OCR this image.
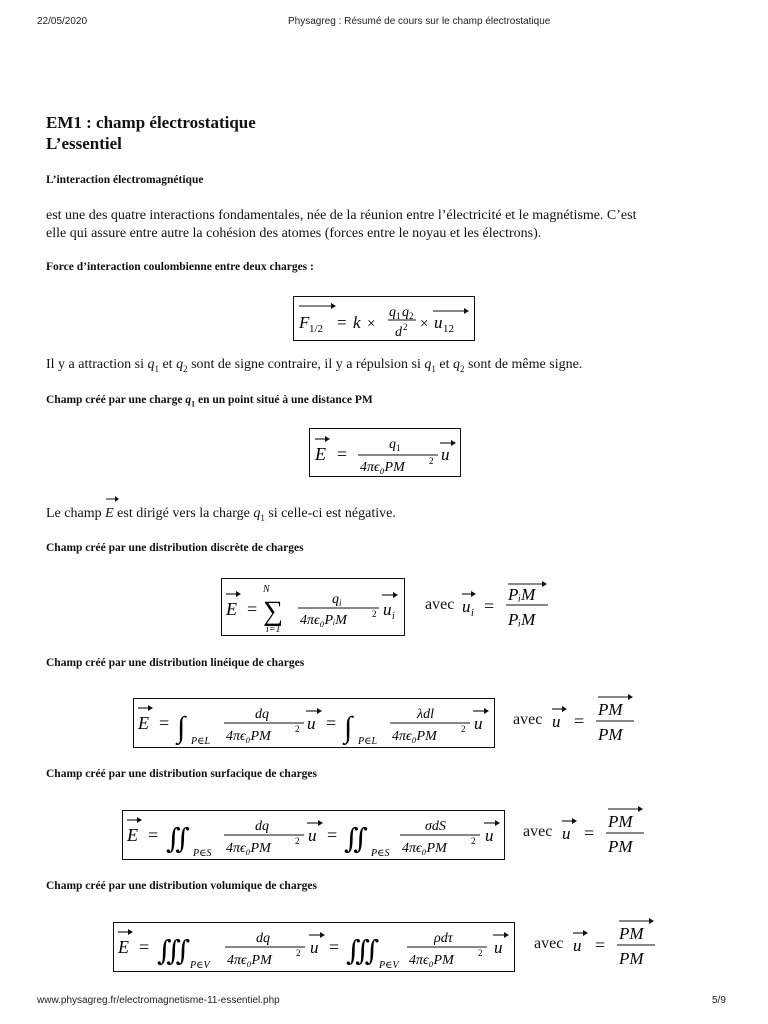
22/05/2020	Physagreg : Résumé de cours sur le champ électrostatique
www.physagreg.fr/electromagnetisme-11-essentiel.php	5/9
EM1 : champ électrostatique
L’essentiel
L’interaction électromagnétique
est une des quatre interactions fondamentales, née de la réunion entre l’électricité et le magnétisme. C’est
elle qui assure entre autre la cohésion des atomes (forces entre le noyau et les électrons).
Force d’interaction coulombienne entre deux charges :
F 1/2 = k ×
q 1 q 2
d 2 × u 12
Il y a attraction si $q_1$ et $q_2$ sont de signe contraire, il y a répulsion si $q_1$ et $q_2$ sont de même signe.
Champ créé par une charge $q_1$ en un point situé à une distance PM
E =	q 1
4πϵ₀PM	2 u
Le champ
E est dirigé vers la charge $q_1$ si celle-ci est négative.
Champ créé par une distribution discrète de charges
E =
N
∑
i=1
q i
4πϵ₀PᵢM	2 u i
avec u i =
PᵢM
PᵢM
Champ créé par une distribution linéique de charges
E = ∫ P∈L
dq
4πϵ₀PM	2 u = ∫ P∈L
λdl
4πϵ₀PM	2 u avec u =
PM
PM
Champ créé par une distribution surfacique de charges
E = ∬ P∈S
dq
4πϵ₀PM	2 u = ∬ P∈S
σdS
4πϵ₀PM	2 u avec u =
PM
PM
Champ créé par une distribution volumique de charges
E = ∭ P∈V
dq
4πϵ₀PM	2 u = ∭ P∈V
ρdτ
4πϵ₀PM	2 u avec u =
PM
PM
